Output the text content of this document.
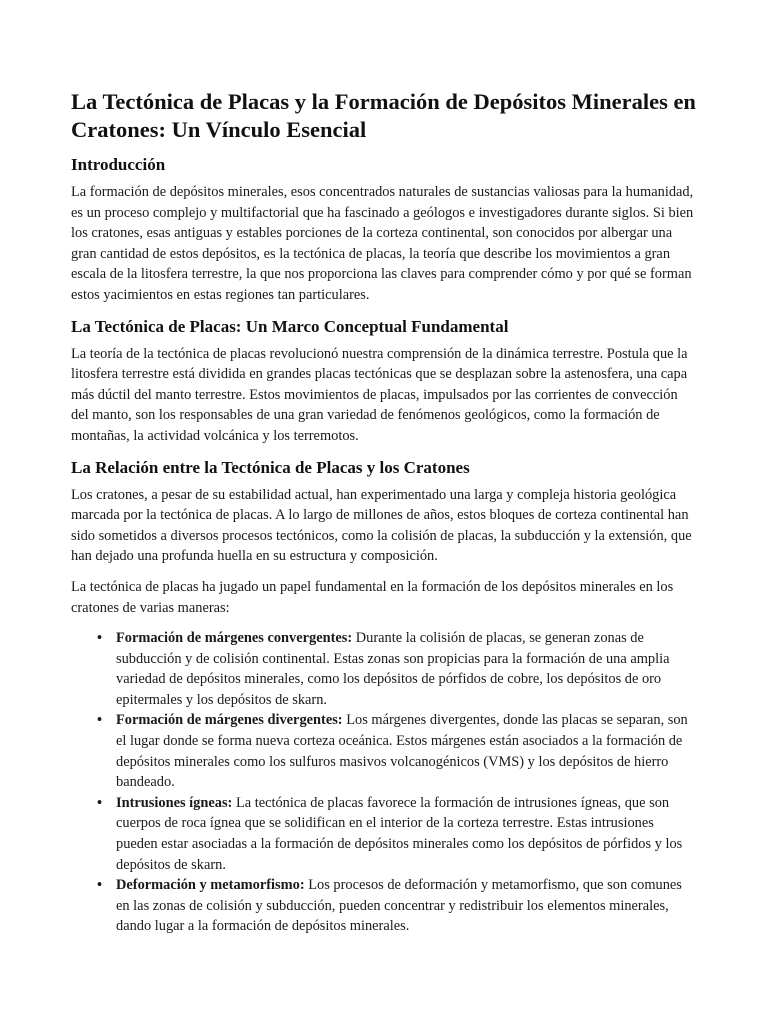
La Tectónica de Placas y la Formación de Depósitos Minerales en Cratones: Un Vínculo Esencial
Introducción

La formación de depósitos minerales, esos concentrados naturales de sustancias valiosas para la humanidad, es un proceso complejo y multifactorial que ha fascinado a geólogos e investigadores durante siglos. Si bien los cratones, esas antiguas y estables porciones de la corteza continental, son conocidos por albergar una gran cantidad de estos depósitos, es la tectónica de placas, la teoría que describe los movimientos a gran escala de la litosfera terrestre, la que nos proporciona las claves para comprender cómo y por qué se forman estos yacimientos en estas regiones tan particulares.

La Tectónica de Placas: Un Marco Conceptual Fundamental

La teoría de la tectónica de placas revolucionó nuestra comprensión de la dinámica terrestre. Postula que la litosfera terrestre está dividida en grandes placas tectónicas que se desplazan sobre la astenosfera, una capa más dúctil del manto terrestre. Estos movimientos de placas, impulsados por las corrientes de convección del manto, son los responsables de una gran variedad de fenómenos geológicos, como la formación de montañas, la actividad volcánica y los terremotos.

La Relación entre la Tectónica de Placas y los Cratones

Los cratones, a pesar de su estabilidad actual, han experimentado una larga y compleja historia geológica marcada por la tectónica de placas. A lo largo de millones de años, estos bloques de corteza continental han sido sometidos a diversos procesos tectónicos, como la colisión de placas, la subducción y la extensión, que han dejado una profunda huella en su estructura y composición.

La tectónica de placas ha jugado un papel fundamental en la formación de los depósitos minerales en los cratones de varias maneras:

• Formación de márgenes convergentes: Durante la colisión de placas, se generan zonas de subducción y de colisión continental. Estas zonas son propicias para la formación de una amplia variedad de depósitos minerales, como los depósitos de pórfidos de cobre, los depósitos de oro epitermales y los depósitos de skarn.
• Formación de márgenes divergentes: Los márgenes divergentes, donde las placas se separan, son el lugar donde se forma nueva corteza oceánica. Estos márgenes están asociados a la formación de depósitos minerales como los sulfuros masivos volcanogénicos (VMS) y los depósitos de hierro bandeado.
• Intrusiones ígneas: La tectónica de placas favorece la formación de intrusiones ígneas, que son cuerpos de roca ígnea que se solidifican en el interior de la corteza terrestre. Estas intrusiones pueden estar asociadas a la formación de depósitos minerales como los depósitos de pórfidos y los depósitos de skarn.
• Deformación y metamorfismo: Los procesos de deformación y metamorfismo, que son comunes en las zonas de colisión y subducción, pueden concentrar y redistribuir los elementos minerales, dando lugar a la formación de depósitos minerales.
